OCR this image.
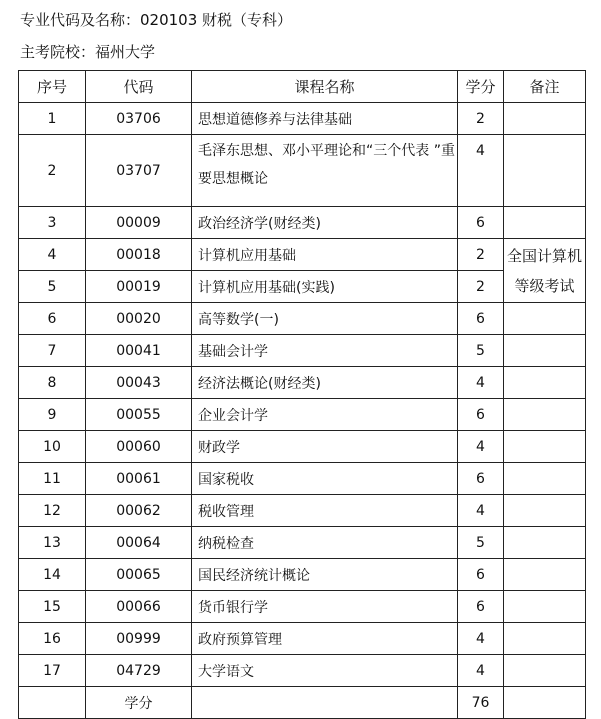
专业代码及名称：020103 财税（专科）
主考院校：福州大学
序号	代码	课程名称	学分	备注
1	03706	思想道德修养与法律基础	2	
2	03707	毛泽东思想、邓小平理论和“三个代表 ”重要思想概论	4	
3	00009	政治经济学(财经类)	6	
4	00018	计算机应用基础	2	全国计算机等级考试
5	00019	计算机应用基础(实践)	2	
6	00020	高等数学(一)	6	
7	00041	基础会计学	5	
8	00043	经济法概论(财经类)	4	
9	00055	企业会计学	6	
10	00060	财政学	4	
11	00061	国家税收	6	
12	00062	税收管理	4	
13	00064	纳税检查	5	
14	00065	国民经济统计概论	6	
15	00066	货币银行学	6	
16	00999	政府预算管理	4	
17	04729	大学语文	4	
	学分		76	
